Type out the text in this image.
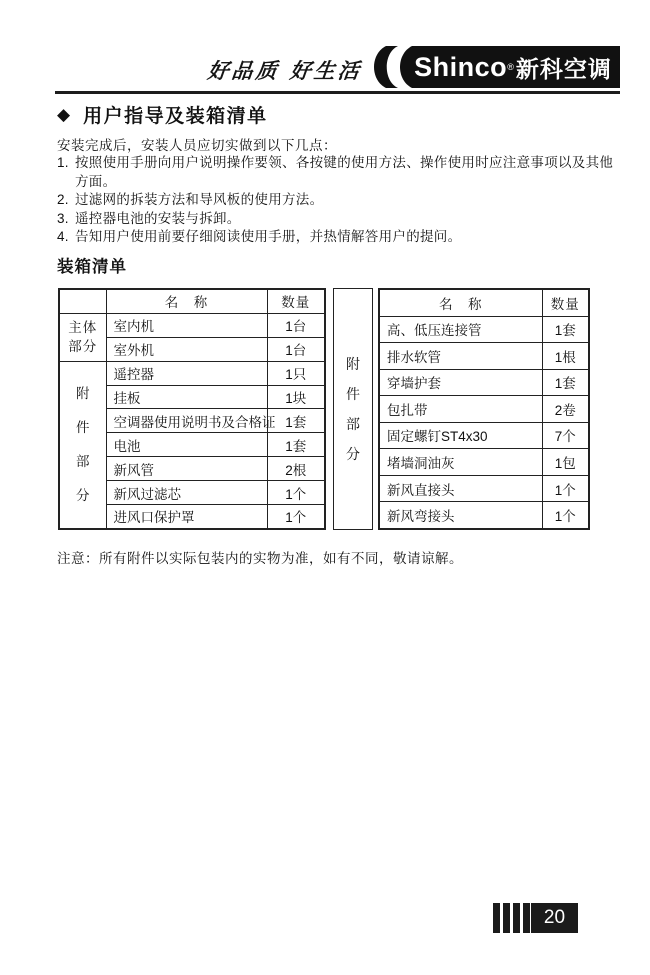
好品质 好生活 Shinco ® 新科空调
◆ 用户指导及装箱清单
安装完成后，安装人员应切实做到以下几点：
1. 按照使用手册向用户说明操作要领、各按键的使用方法、操作使用时应注意事项以及其他方面。
2. 过滤网的拆装方法和导风板的使用方法。
3. 遥控器电池的安装与拆卸。
4. 告知用户使用前要仔细阅读使用手册，并热情解答用户的提问。
装箱清单
	名　称	数量
主体部分	室内机	1台
	室外机	1台
附件部分	遥控器	1只
	挂板	1块
	空调器使用说明书及合格证	1套
	电池	1套
	新风管	2根
	新风过滤芯	1个
	进风口保护罩	1个
附件部分
名　称	数量
高、低压连接管	1套
排水软管	1根
穿墙护套	1套
包扎带	2卷
固定螺钉ST4x30	7个
堵墙洞油灰	1包
新风直接头	1个
新风弯接头	1个
注意：所有附件以实际包装内的实物为准，如有不同，敬请谅解。
20
